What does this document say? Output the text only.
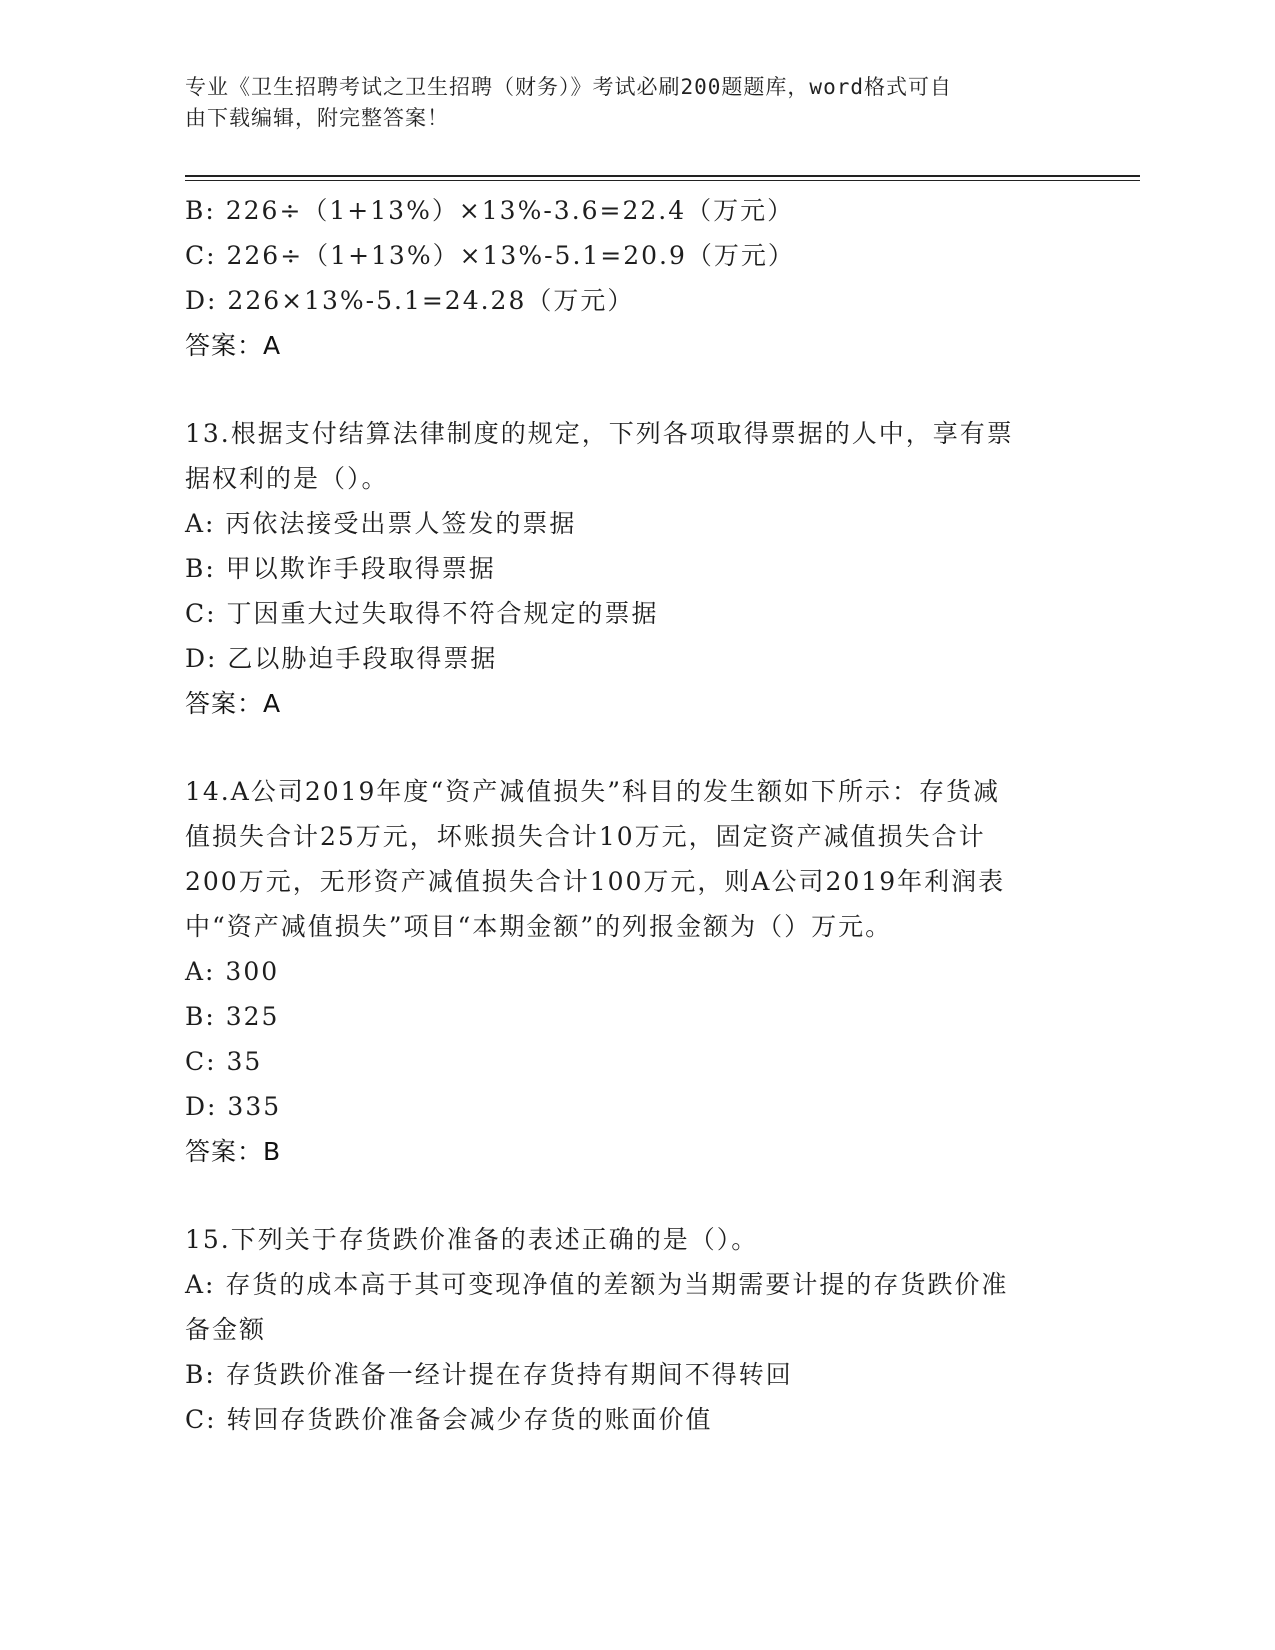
专业《卫生招聘考试之卫生招聘（财务）》考试必刷200题题库，word格式可自
由下载编辑，附完整答案！
B: 226÷（1+13%）×13%-3.6=22.4（万元）
C: 226÷（1+13%）×13%-5.1=20.9（万元）
D: 226×13%-5.1=24.28（万元）
答案：A
13.根据支付结算法律制度的规定，下列各项取得票据的人中，享有票
据权利的是（）。
A: 丙依法接受出票人签发的票据
B: 甲以欺诈手段取得票据
C: 丁因重大过失取得不符合规定的票据
D: 乙以胁迫手段取得票据
答案：A
14.A公司2019年度“资产减值损失”科目的发生额如下所示：存货减
值损失合计25万元，坏账损失合计10万元，固定资产减值损失合计
200万元，无形资产减值损失合计100万元，则A公司2019年利润表
中“资产减值损失”项目“本期金额”的列报金额为（）万元。
A: 300
B: 325
C: 35
D: 335
答案：B
15.下列关于存货跌价准备的表述正确的是（）。
A: 存货的成本高于其可变现净值的差额为当期需要计提的存货跌价准
备金额
B: 存货跌价准备一经计提在存货持有期间不得转回
C: 转回存货跌价准备会减少存货的账面价值
